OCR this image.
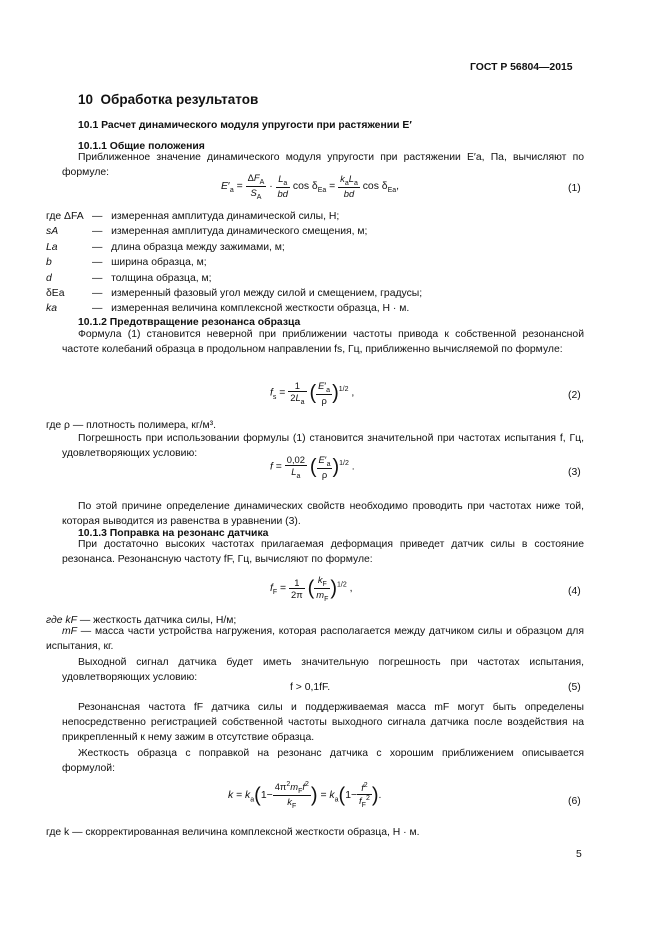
ГОСТ Р 56804—2015
10 Обработка результатов
10.1 Расчет динамического модуля упругости при растяжении E′
10.1.1 Общие положения
Приближенное значение динамического модуля упругости при растяжении E′а, Па, вычисляют по формуле:
$E'_a = \frac{\Delta F_A}{S_A} \cdot \frac{L_a}{bd}$ $\cos \delta_{Ea} = \frac{k_aL_a}{bd}$ $\cos \delta_{Ea}$,	(1)
где ΔFA — измеренная амплитуда динамической силы, Н;
sA	— измеренная амплитуда динамического смещения, м;
La	— длина образца между зажимами, м;
b	— ширина образца, м;
d	— толщина образца, м;
δEa	— измеренный фазовый угол между силой и смещением, градусы;
ka	— измеренная величина комплексной жесткости образца, Н · м.
10.1.2 Предотвращение резонанса образца
Формула (1) становится неверной при приближении частоты привода к собственной резонансной частоте колебаний образца в продольном направлении fs, Гц, приближенно вычисляемой по формуле:
$f_s = \frac{1}{2L_a}$ ( $\frac{E'_a}{\rho} )^{1/2}$ ,	(2)
где ρ — плотность полимера, кг/м³.
Погрешность при использовании формулы (1) становится значительной при частотах испытания f, Гц, удовлетворяющих условию:
$f = \frac{0,02}{L_a}$ ( $\frac{E'_a}{\rho} )^{1/2}$ .	(3)
По этой причине определение динамических свойств необходимо проводить при частотах ниже той, которая выводится из равенства в уравнении (3).
10.1.3 Поправка на резонанс датчика
При достаточно высоких частотах прилагаемая деформация приведет датчик силы в состояние резонанса. Резонансную частоту fF, Гц, вычисляют по формуле:
$f_F = \frac{1}{2\pi}$ ( $\frac{k_F}{m_F} )^{1/2}$ ,	(4)
где kF — жесткость датчика силы, Н/м;
mF — масса части устройства нагружения, которая располагается между датчиком силы и образцом для испытания, кг.
Выходной сигнал датчика будет иметь значительную погрешность при частотах испытания, удовлетворяющих условию:
f > 0,1fF.	(5)
Резонансная частота fF датчика силы и поддерживаемая масса mF могут быть определены непосредственно регистрацией собственной частоты выходного сигнала датчика после воздействия на прикрепленный к нему зажим в отсутствие образца.
Жесткость образца с поправкой на резонанс датчика с хорошим приближением описывается формулой:
$k = k_a(1- \frac{4\pi^2m_Ff^2}{k_F}$ ) = $k_a(1- \frac{f^2}{f_F^2}$ ).
(6)
где k — скорректированная величина комплексной жесткости образца, Н · м.
5
